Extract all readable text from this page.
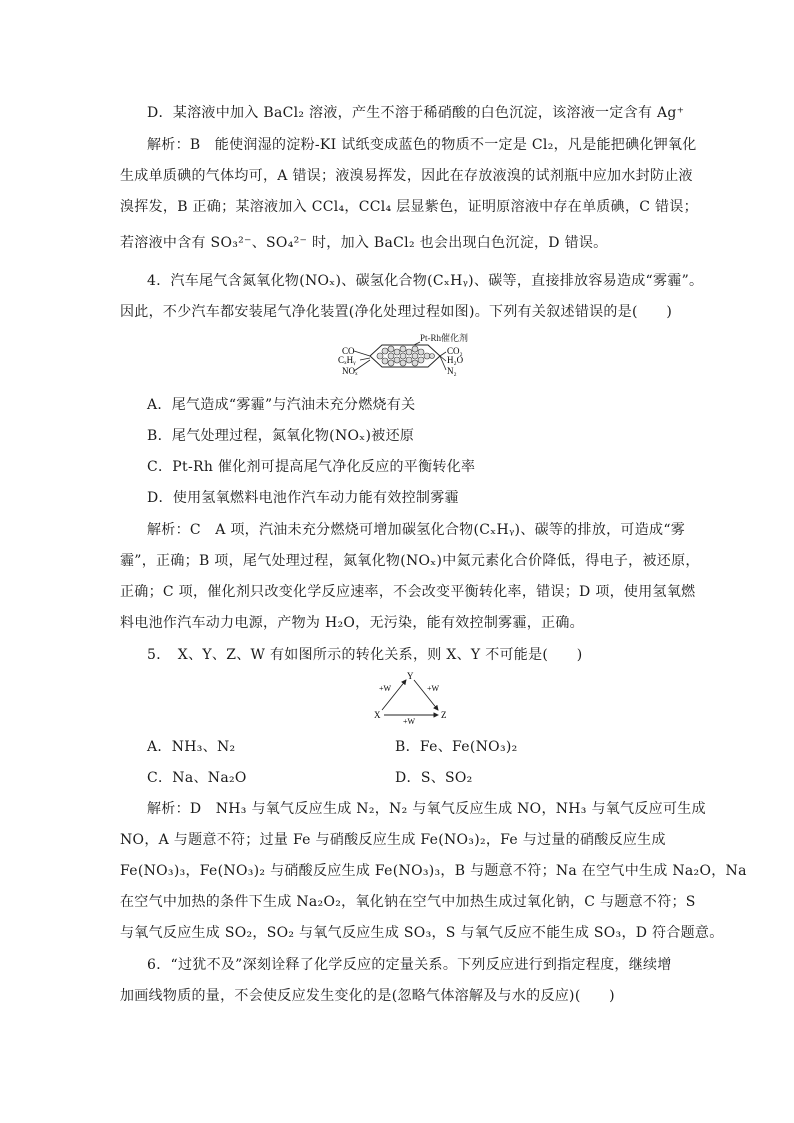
D．某溶液中加入 BaCl₂ 溶液，产生不溶于稀硝酸的白色沉淀，该溶液一定含有 Ag⁺
解析：B　能使润湿的淀粉-KI 试纸变成蓝色的物质不一定是 Cl₂，凡是能把碘化钾氧化
生成单质碘的气体均可，A 错误；液溴易挥发，因此在存放液溴的试剂瓶中应加水封防止液
溴挥发，B 正确；某溶液加入 CCl₄，CCl₄ 层显紫色，证明原溶液中存在单质碘，C 错误；
若溶液中含有 SO₃²⁻、SO₄²⁻ 时，加入 BaCl₂ 也会出现白色沉淀，D 错误。
4．汽车尾气含氮氧化物(NOₓ)、碳氢化合物(CₓHᵧ)、碳等，直接排放容易造成“雾霾”。
因此，不少汽车都安装尾气净化装置(净化处理过程如图)。下列有关叙述错误的是(　　)
Pt-Rh催化剂
CO
CₓHᵧ
NOₓ
CO₂
H₂O
N₂
A．尾气造成“雾霾”与汽油未充分燃烧有关
B．尾气处理过程，氮氧化物(NOₓ)被还原
C．Pt-Rh 催化剂可提高尾气净化反应的平衡转化率
D．使用氢氧燃料电池作汽车动力能有效控制雾霾
解析：C　A 项，汽油未充分燃烧可增加碳氢化合物(CₓHᵧ)、碳等的排放，可造成“雾
霾”，正确；B 项，尾气处理过程，氮氧化物(NOₓ)中氮元素化合价降低，得电子，被还原，
正确；C 项，催化剂只改变化学反应速率，不会改变平衡转化率，错误；D 项，使用氢氧燃
料电池作汽车动力电源，产物为 H₂O，无污染，能有效控制雾霾，正确。
5．　X、Y、Z、W 有如图所示的转化关系，则 X、Y 不可能是(　　)
Y
X	Z
+W	+W
+W
A．NH₃、N₂	B．Fe、Fe(NO₃)₂
C．Na、Na₂O	D．S、SO₂
解析：D　NH₃ 与氧气反应生成 N₂，N₂ 与氧气反应生成 NO，NH₃ 与氧气反应可生成
NO，A 与题意不符；过量 Fe 与硝酸反应生成 Fe(NO₃)₂，Fe 与过量的硝酸反应生成
Fe(NO₃)₃，Fe(NO₃)₂ 与硝酸反应生成 Fe(NO₃)₃，B 与题意不符；Na 在空气中生成 Na₂O，Na
在空气中加热的条件下生成 Na₂O₂，氧化钠在空气中加热生成过氧化钠，C 与题意不符；S
与氧气反应生成 SO₂，SO₂ 与氧气反应生成 SO₃，S 与氧气反应不能生成 SO₃，D 符合题意。
6．“过犹不及”深刻诠释了化学反应的定量关系。下列反应进行到指定程度，继续增
加画线物质的量，不会使反应发生变化的是(忽略气体溶解及与水的反应)(　　)
